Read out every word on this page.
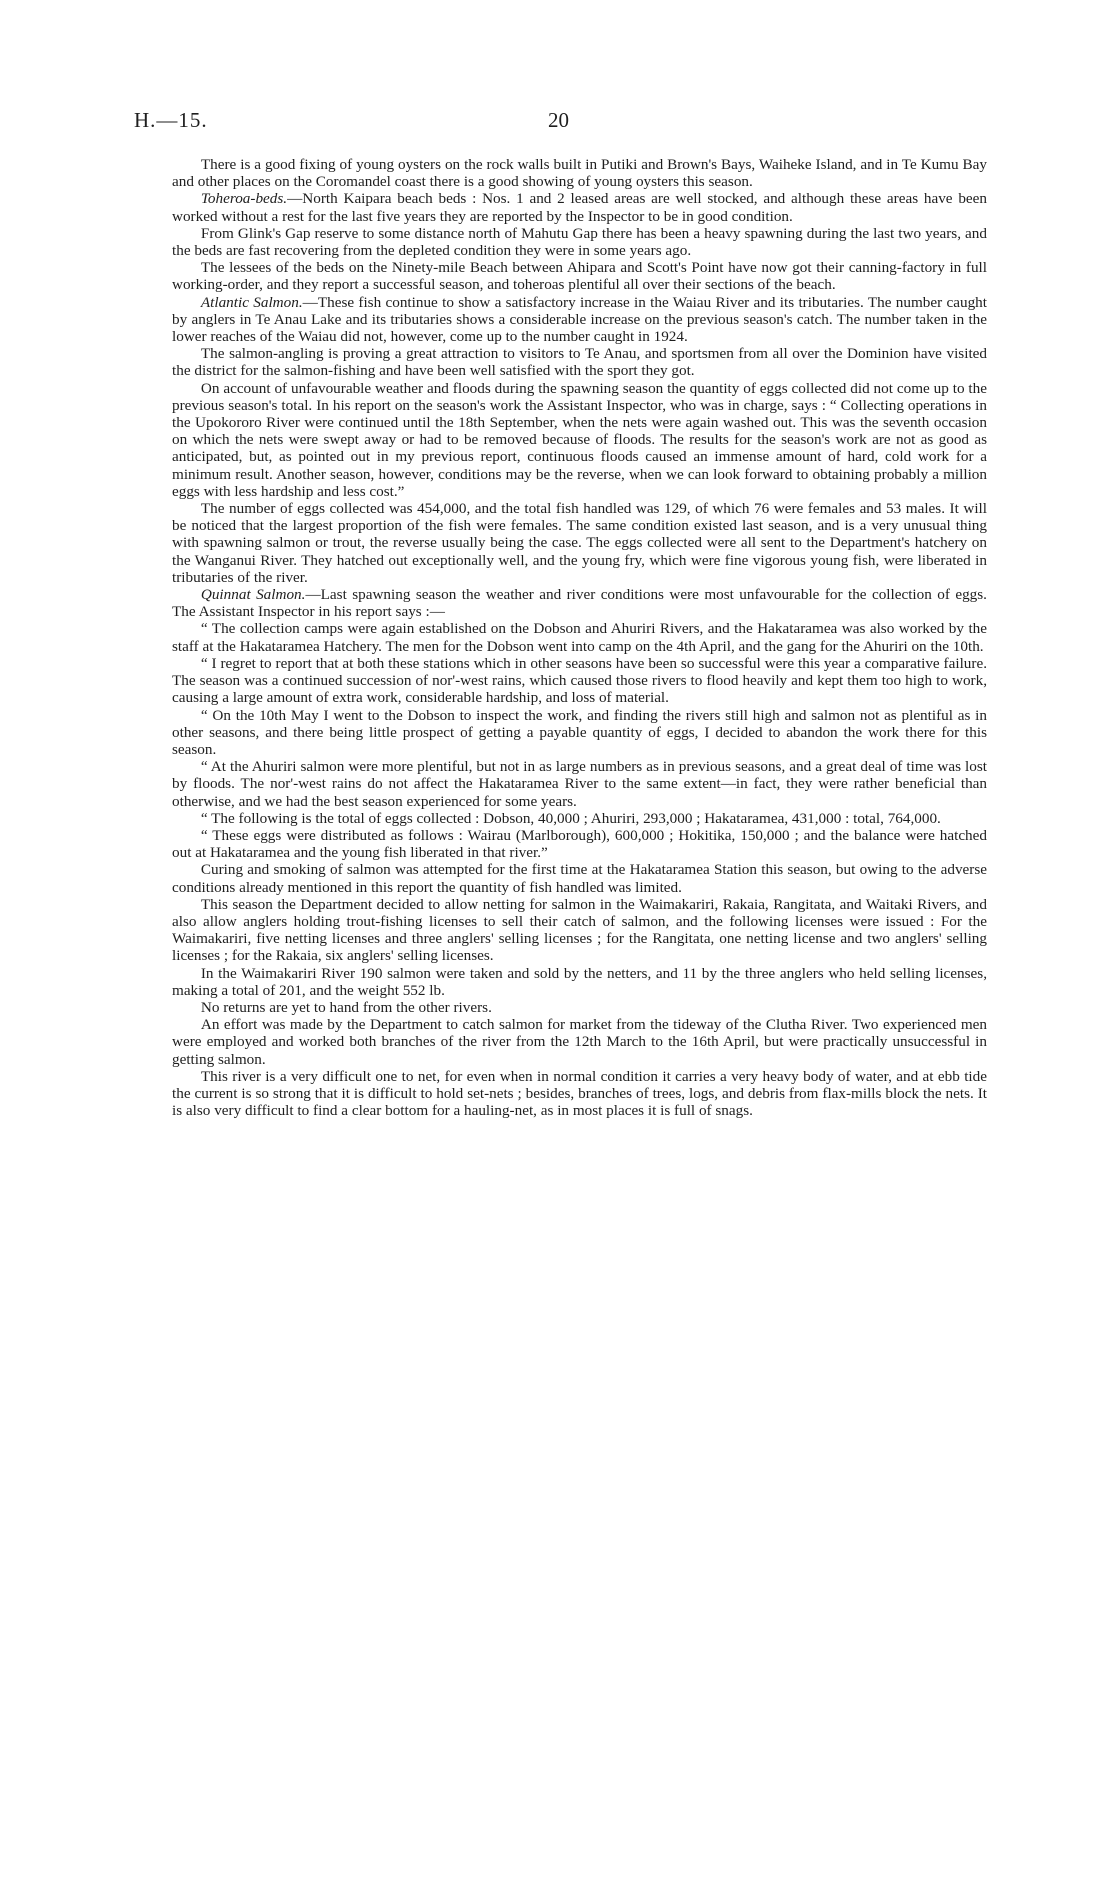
H.—15.	20

There is a good fixing of young oysters on the rock walls built in Putiki and Brown's Bays, Waiheke Island, and in Te Kumu Bay and other places on the Coromandel coast there is a good showing of young oysters this season.

Toheroa-beds.—North Kaipara beach beds : Nos. 1 and 2 leased areas are well stocked, and although these areas have been worked without a rest for the last five years they are reported by the Inspector to be in good condition.

From Glink's Gap reserve to some distance north of Mahutu Gap there has been a heavy spawning during the last two years, and the beds are fast recovering from the depleted condition they were in some years ago.

The lessees of the beds on the Ninety-mile Beach between Ahipara and Scott's Point have now got their canning-factory in full working-order, and they report a successful season, and toheroas plentiful all over their sections of the beach.

Atlantic Salmon.—These fish continue to show a satisfactory increase in the Waiau River and its tributaries. The number caught by anglers in Te Anau Lake and its tributaries shows a considerable increase on the previous season's catch. The number taken in the lower reaches of the Waiau did not, however, come up to the number caught in 1924.

The salmon-angling is proving a great attraction to visitors to Te Anau, and sportsmen from all over the Dominion have visited the district for the salmon-fishing and have been well satisfied with the sport they got.

On account of unfavourable weather and floods during the spawning season the quantity of eggs collected did not come up to the previous season's total. In his report on the season's work the Assistant Inspector, who was in charge, says : “ Collecting operations in the Upokororo River were continued until the 18th September, when the nets were again washed out. This was the seventh occasion on which the nets were swept away or had to be removed because of floods. The results for the season's work are not as good as anticipated, but, as pointed out in my previous report, continuous floods caused an immense amount of hard, cold work for a minimum result. Another season, however, conditions may be the reverse, when we can look forward to obtaining probably a million eggs with less hardship and less cost.”

The number of eggs collected was 454,000, and the total fish handled was 129, of which 76 were females and 53 males. It will be noticed that the largest proportion of the fish were females. The same condition existed last season, and is a very unusual thing with spawning salmon or trout, the reverse usually being the case. The eggs collected were all sent to the Department's hatchery on the Wanganui River. They hatched out exceptionally well, and the young fry, which were fine vigorous young fish, were liberated in tributaries of the river.

Quinnat Salmon.—Last spawning season the weather and river conditions were most unfavourable for the collection of eggs. The Assistant Inspector in his report says :—

“ The collection camps were again established on the Dobson and Ahuriri Rivers, and the Hakataramea was also worked by the staff at the Hakataramea Hatchery. The men for the Dobson went into camp on the 4th April, and the gang for the Ahuriri on the 10th.

“ I regret to report that at both these stations which in other seasons have been so successful were this year a comparative failure. The season was a continued succession of nor'-west rains, which caused those rivers to flood heavily and kept them too high to work, causing a large amount of extra work, considerable hardship, and loss of material.

“ On the 10th May I went to the Dobson to inspect the work, and finding the rivers still high and salmon not as plentiful as in other seasons, and there being little prospect of getting a payable quantity of eggs, I decided to abandon the work there for this season.

“ At the Ahuriri salmon were more plentiful, but not in as large numbers as in previous seasons, and a great deal of time was lost by floods. The nor'-west rains do not affect the Hakataramea River to the same extent—in fact, they were rather beneficial than otherwise, and we had the best season experienced for some years.

“ The following is the total of eggs collected : Dobson, 40,000 ; Ahuriri, 293,000 ; Hakataramea, 431,000 : total, 764,000.

“ These eggs were distributed as follows : Wairau (Marlborough), 600,000 ; Hokitika, 150,000 ; and the balance were hatched out at Hakataramea and the young fish liberated in that river.”

Curing and smoking of salmon was attempted for the first time at the Hakataramea Station this season, but owing to the adverse conditions already mentioned in this report the quantity of fish handled was limited.

This season the Department decided to allow netting for salmon in the Waimakariri, Rakaia, Rangitata, and Waitaki Rivers, and also allow anglers holding trout-fishing licenses to sell their catch of salmon, and the following licenses were issued : For the Waimakariri, five netting licenses and three anglers' selling licenses ; for the Rangitata, one netting license and two anglers' selling licenses ; for the Rakaia, six anglers' selling licenses.

In the Waimakariri River 190 salmon were taken and sold by the netters, and 11 by the three anglers who held selling licenses, making a total of 201, and the weight 552 lb.

No returns are yet to hand from the other rivers.

An effort was made by the Department to catch salmon for market from the tideway of the Clutha River. Two experienced men were employed and worked both branches of the river from the 12th March to the 16th April, but were practically unsuccessful in getting salmon.

This river is a very difficult one to net, for even when in normal condition it carries a very heavy body of water, and at ebb tide the current is so strong that it is difficult to hold set-nets ; besides, branches of trees, logs, and debris from flax-mills block the nets. It is also very difficult to find a clear bottom for a hauling-net, as in most places it is full of snags.
